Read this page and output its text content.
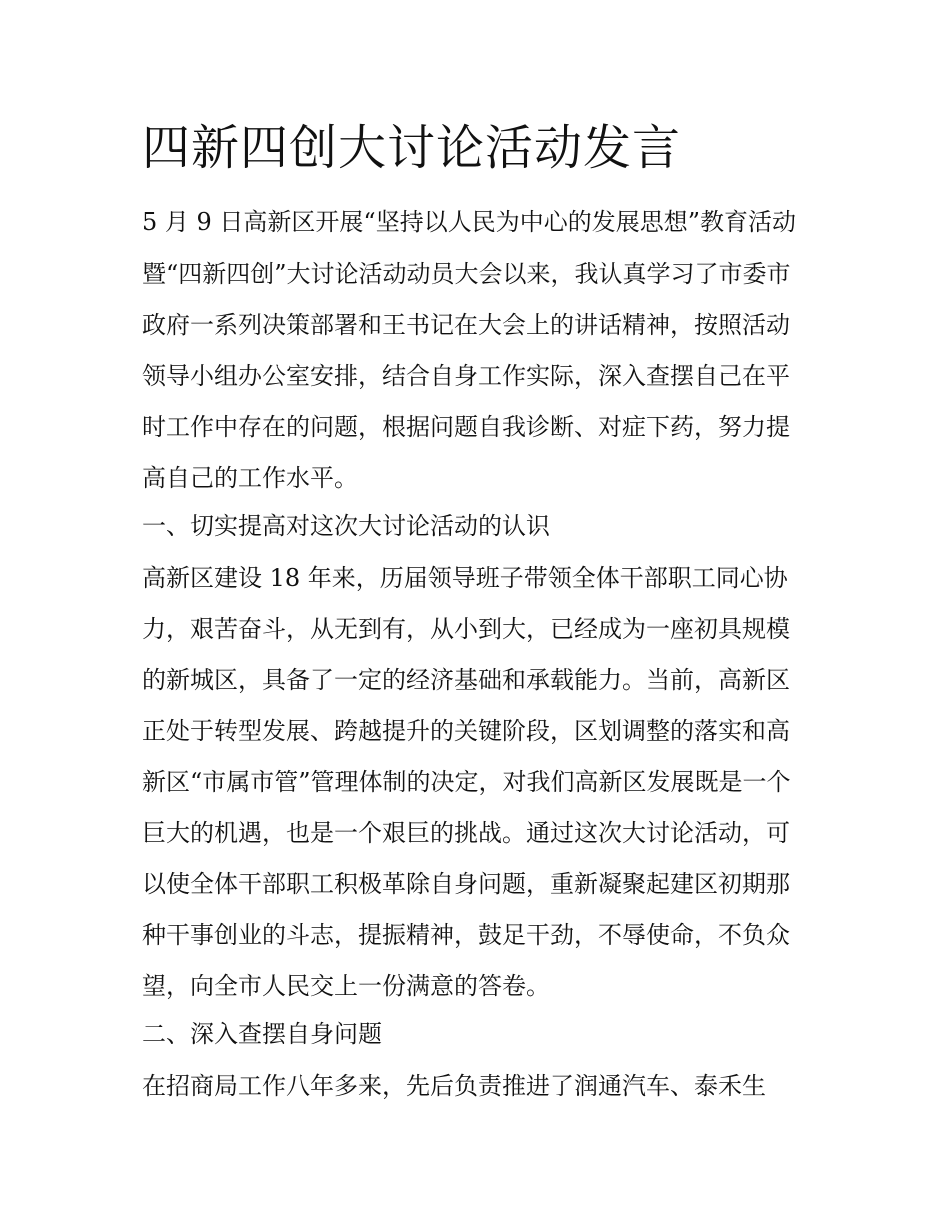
四新四创大讨论活动发言
5 月 9 日高新区开展“坚持以人民为中心的发展思想”教育活动
暨“四新四创”大讨论活动动员大会以来，我认真学习了市委市
政府一系列决策部署和王书记在大会上的讲话精神，按照活动
领导小组办公室安排，结合自身工作实际，深入查摆自己在平
时工作中存在的问题，根据问题自我诊断、对症下药，努力提
高自己的工作水平。
一、切实提高对这次大讨论活动的认识
高新区建设 18 年来，历届领导班子带领全体干部职工同心协
力，艰苦奋斗，从无到有，从小到大，已经成为一座初具规模
的新城区，具备了一定的经济基础和承载能力。当前，高新区
正处于转型发展、跨越提升的关键阶段，区划调整的落实和高
新区“市属市管”管理体制的决定，对我们高新区发展既是一个
巨大的机遇，也是一个艰巨的挑战。通过这次大讨论活动，可
以使全体干部职工积极革除自身问题，重新凝聚起建区初期那
种干事创业的斗志，提振精神，鼓足干劲，不辱使命，不负众
望，向全市人民交上一份满意的答卷。
二、深入查摆自身问题
在招商局工作八年多来，先后负责推进了润通汽车、泰禾生
